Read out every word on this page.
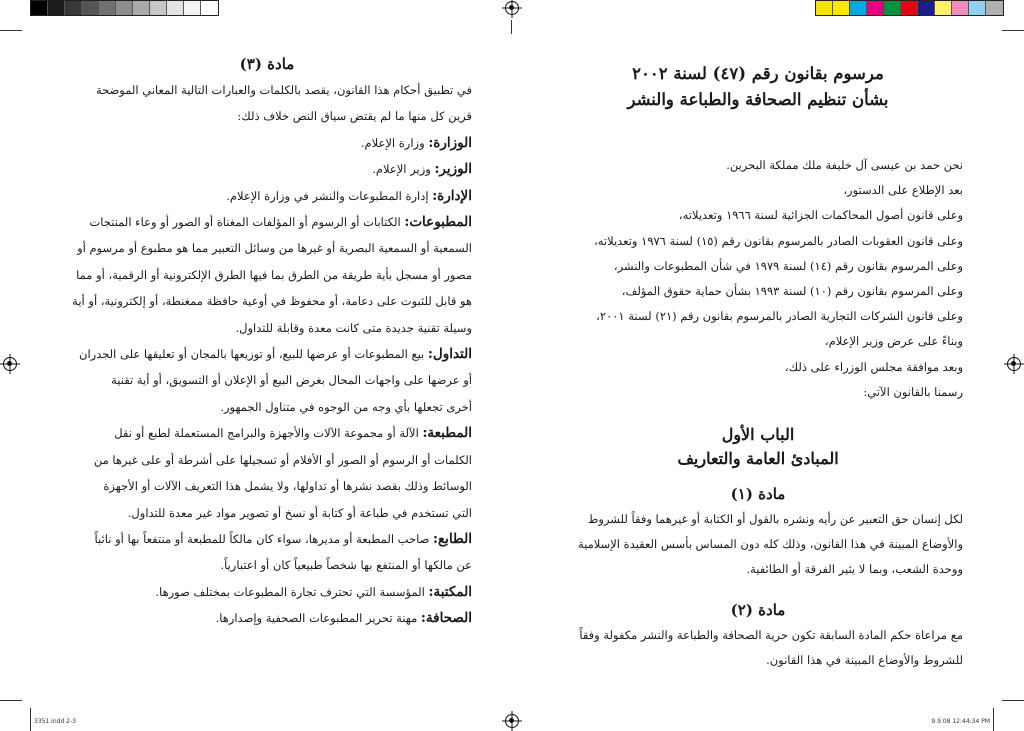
3351.indd 2-3	9.9.08 12:44:34 PM
مادة (٣)
في تطبيق أحكام هذا القانون، يقصد بالكلمات والعبارات التالية المعاني الموضحة
قرين كل منها ما لم يقتض سياق النص خلاف ذلك:
الوزارة: وزارة الإعلام.
الوزير: وزير الإعلام.
الإدارة: إدارة المطبوعات والنشر في وزارة الإعلام.
المطبوعات: الكتابات أو الرسوم أو المؤلفات المغناة أو الصور أو وعاء المنتجات
السمعية أو السمعية البصرية أو غيرها من وسائل التعبير مما هو مطبوع أو مرسوم أو
مصور أو مسجل بأية طريقة من الطرق بما فيها الطرق الإلكترونية أو الرقمية، أو مما
هو قابل للثبوت على دعامة، أو محفوظ في أوعية حافظة ممغنطة، أو إلكترونية، أو أية
وسيلة تقنية جديدة متى كانت معدة وقابلة للتداول.
التداول: بيع المطبوعات أو عرضها للبيع، أو توزيعها بالمجان أو تعليقها على الجدران
أو عرضها على واجهات المحال بغرض البيع أو الإعلان أو التسويق، أو أية تقنية
أخرى تجعلها بأي وجه من الوجوه في متناول الجمهور.
المطبعة: الآلة أو مجموعة الآلات والأجهزة والبرامج المستعملة لطبع أو نقل
الكلمات أو الرسوم أو الصور أو الأفلام أو تسجيلها على أشرطة أو على غيرها من
الوسائط وذلك بقصد نشرها أو تداولها، ولا يشمل هذا التعريف الآلات أو الأجهزة
التي تستخدم في طباعة أو كتابة أو نسخ أو تصوير مواد غير معدة للتداول.
الطابع: صاحب المطبعة أو مديرها، سواء كان مالكاً للمطبعة أو منتفعاً بها أو نائباً
عن مالكها أو المنتفع بها شخصاً طبيعياً كان أو اعتبارياً.
المكتبة: المؤسسة التي تحترف تجارة المطبوعات بمختلف صورها.
الصحافة: مهنة تحرير المطبوعات الصحفية وإصدارها.
مرسوم بقانون رقم (٤٧) لسنة ٢٠٠٢
بشأن تنظيم الصحافة والطباعة والنشر
نحن حمد بن عيسى آل خليفة ملك مملكة البحرين.
بعد الإطلاع على الدستور،
وعلى قانون أصول المحاكمات الجزائية لسنة ١٩٦٦ وتعديلاته،
وعلى قانون العقوبات الصادر بالمرسوم بقانون رقم (١٥) لسنة ١٩٧٦ وتعديلاته،
وعلى المرسوم بقانون رقم (١٤) لسنة ١٩٧٩ في شأن المطبوعات والنشر،
وعلى المرسوم بقانون رقم (١٠) لسنة ١٩٩٣ بشأن حماية حقوق المؤلف،
وعلى قانون الشركات التجارية الصادر بالمرسوم بقانون رقم (٢١) لسنة ٢٠٠١،
وبناءً على عرض وزير الإعلام،
وبعد موافقة مجلس الوزراء على ذلك،
رسمنا بالقانون الآتي:
الباب الأول
المبادئ العامة والتعاريف
مادة (١)
لكل إنسان حق التعبير عن رأيه ونشره بالقول أو الكتابة أو غيرهما وفقاً للشروط
والأوضاع المبينة في هذا القانون، وذلك كله دون المساس بأسس العقيدة الإسلامية
ووحدة الشعب، وبما لا يثير الفرقة أو الطائفية.
مادة (٢)
مع مراعاة حكم المادة السابقة تكون حرية الصحافة والطباعة والنشر مكفولة وفقاً
للشروط والأوضاع المبينة في هذا القانون.
